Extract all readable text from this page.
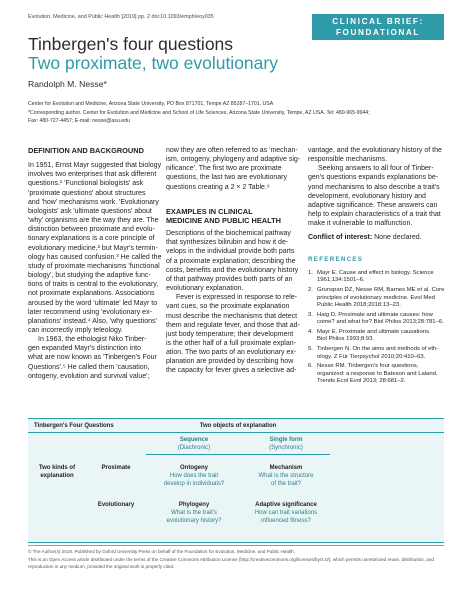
Evolution, Medicine, and Public Health [2019] pp. 2 doi:10.1093/emph/eoy035	CLINICAL BRIEF:
FOUNDATIONAL
Tinbergen's four questions
Two proximate, two evolutionary
Randolph M. Nesse*
Center for Evolution and Medicine, Arizona State University, PO Box 871701, Tempe AZ 85287–1701, USA
*Corresponding author. Center for Evolution and Medicine and School of Life Sciences, Arizona State University, Tempe, AZ USA. Tel: 480-965-9944;
Fax: 480-727-4457; E-mail: nesse@asu.edu

DEFINITION AND BACKGROUND

In 1951, Ernst Mayr suggested that biology
involves two enterprises that ask different
questions.¹ 'Functional biologists' ask
'proximate questions' about structures
and 'how' mechanisms work. 'Evolutionary
biologists' ask 'ultimate questions' about
'why' organisms are the way they are. The
distinction between proximate and evolu-
tionary explanations is a core principle of
evolutionary medicine,² but Mayr's termin-
ology has caused confusion.³ He called the
study of proximate mechanisms 'functional
biology', but studying the adaptive func-
tions of traits is central to the evolutionary,
not proximate explanations. Associations
aroused by the word 'ultimate' led Mayr to
later recommend using 'evolutionary ex-
planations' instead.⁴ Also, 'why questions'
can incorrectly imply teleology.
In 1963, the ethologist Niko Tinber-
gen expanded Mayr's distinction into
what are now known as 'Tinbergen's Four
Questions'.⁵ He called them 'causation,
ontogeny, evolution and survival value';
now they are often referred to as 'mechan-
ism, ontogeny, phylogeny and adaptive sig-
nificance'. The first two are proximate
questions, the last two are evolutionary
questions creating a 2 × 2 Table.⁶

EXAMPLES IN CLINICAL
MEDICINE AND PUBLIC HEALTH

Descriptions of the biochemical pathway
that synthesizes bilirubin and how it de-
velops in the individual provide both parts
of a proximate explanation; describing the
costs, benefits and the evolutionary history
of that pathway provides both parts of an
evolutionary explanation.
Fever is expressed in response to rele-
vant cues, so the proximate explanation
must describe the mechanisms that detect
them and regulate fever, and those that ad-
just body temperature; their development
is the other half of a full proximate explan-
ation. The two parts of an evolutionary ex-
planation are provided by describing how
the capacity for fever gives a selective ad-
vantage, and the evolutionary history of the
responsible mechanisms.
Seeking answers to all four of Tinber-
gen's questions expands explanations be-
yond mechanisms to also describe a trait's
development, evolutionary history and
adaptive significance. These answers can
help to explain characteristics of a trait that
make it vulnerable to malfunction.

Conflict of interest: None declared.

REFERENCES
1. Mayr E. Cause and effect in biology. Science
1961;134:1501–6.
2. Grunspan DZ, Nesse RM, Barnes ME et al. Core
principles of evolutionary medicine. Evol Med
Public Health 2018;2018:13–23.
3. Haig D. Proximate and ultimate causes: how
come? and what for? Biol Philos 2013;28:781–6.
4. Mayr E. Proximate and ultimate causations.
Biol Philos 1993;8:93.
5. Tinbergen N. On the aims and methods of eth-
ology. Z Für Tierpsychol 2010;20:410–63.
6. Nesse RM. Tinbergen's four questions,
organized: a response to Bateson and Laland.
Trends Ecol Evol 2013; 28:681–2.
Tinbergen's Four Questions	Two objects of explanation
Sequence
(Diachronic)
Single form
(Synchronic)
Two kinds of
explanation
Proximate
Evolutionary
Ontogeny
How does the trait
develop in individuals?
Mechanism
What is the structure
of the trait?
Phylogeny
What is the trait's
evolutionary history?
Adaptive significance
How can trait variations
influenced fitness?
© The Author(s) 2018. Published by Oxford University Press on behalf of the Foundation for Evolution, Medicine, and Public Health.
This is an Open Access article distributed under the terms of the Creative Commons Attribution License (http://creativecommons.org/licenses/by/4.0/), which permits unrestricted reuse, distribution, and
reproduction in any medium, provided the original work is properly cited.
